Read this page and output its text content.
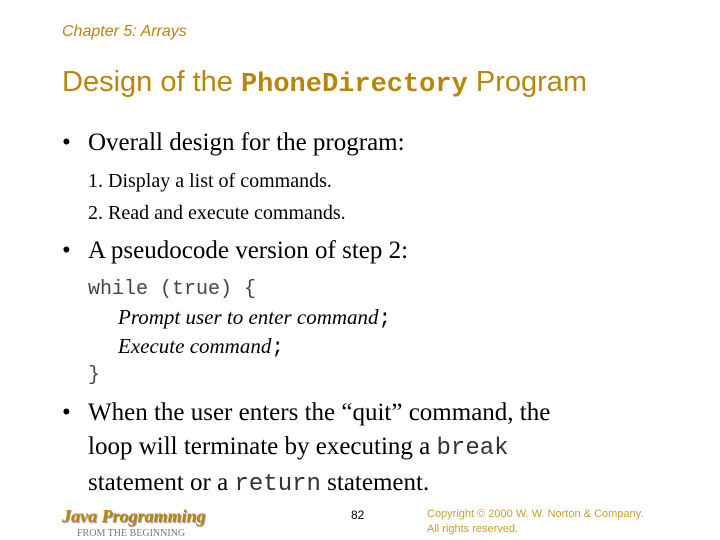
Chapter 5: Arrays
Design of the PhoneDirectory Program
• Overall design for the program:
1. Display a list of commands.
2. Read and execute commands.
• A pseudocode version of step 2:
while (true) {
Prompt user to enter command;
Execute command;
}
• When the user enters the “quit” command, the
loop will terminate by executing a break
statement or a return statement.
Java Programming
FROM THE BEGINNING
82	Copyright © 2000 W. W. Norton & Company.
All rights reserved.
